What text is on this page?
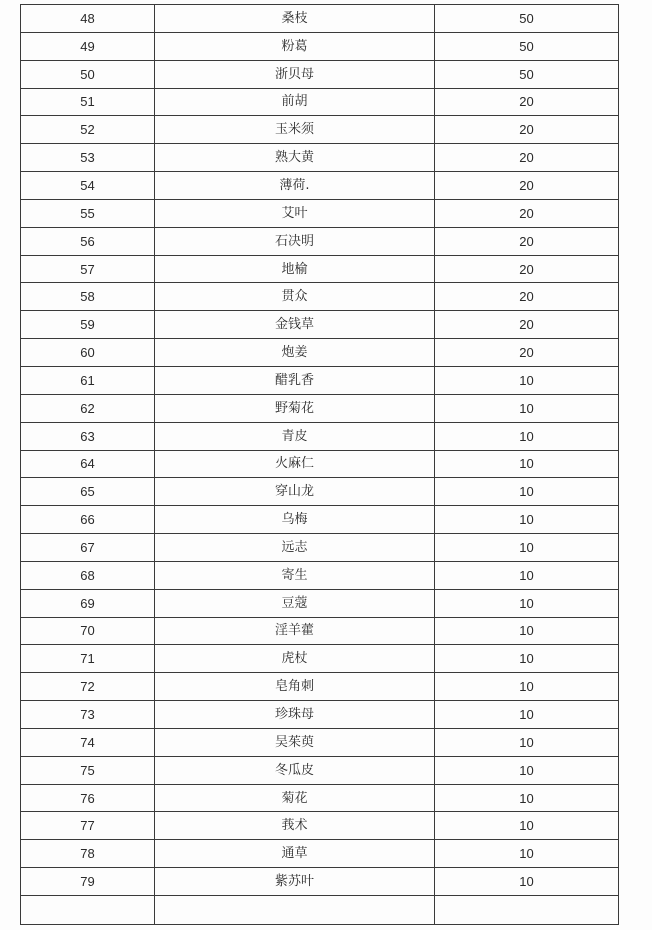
48	桑枝	50
49	粉葛	50
50	浙贝母	50
51	前胡	20
52	玉米须	20
53	熟大黄	20
54	薄荷.	20
55	艾叶	20
56	石决明	20
57	地榆	20
58	贯众	20
59	金钱草	20
60	炮姜	20
61	醋乳香	10
62	野菊花	10
63	青皮	10
64	火麻仁	10
65	穿山龙	10
66	乌梅	10
67	远志	10
68	寄生	10
69	豆蔻	10
70	淫羊藿	10
71	虎杖	10
72	皂角刺	10
73	珍珠母	10
74	吴茱萸	10
75	冬瓜皮	10
76	菊花	10
77	莪术	10
78	通草	10
79	紫苏叶	10
